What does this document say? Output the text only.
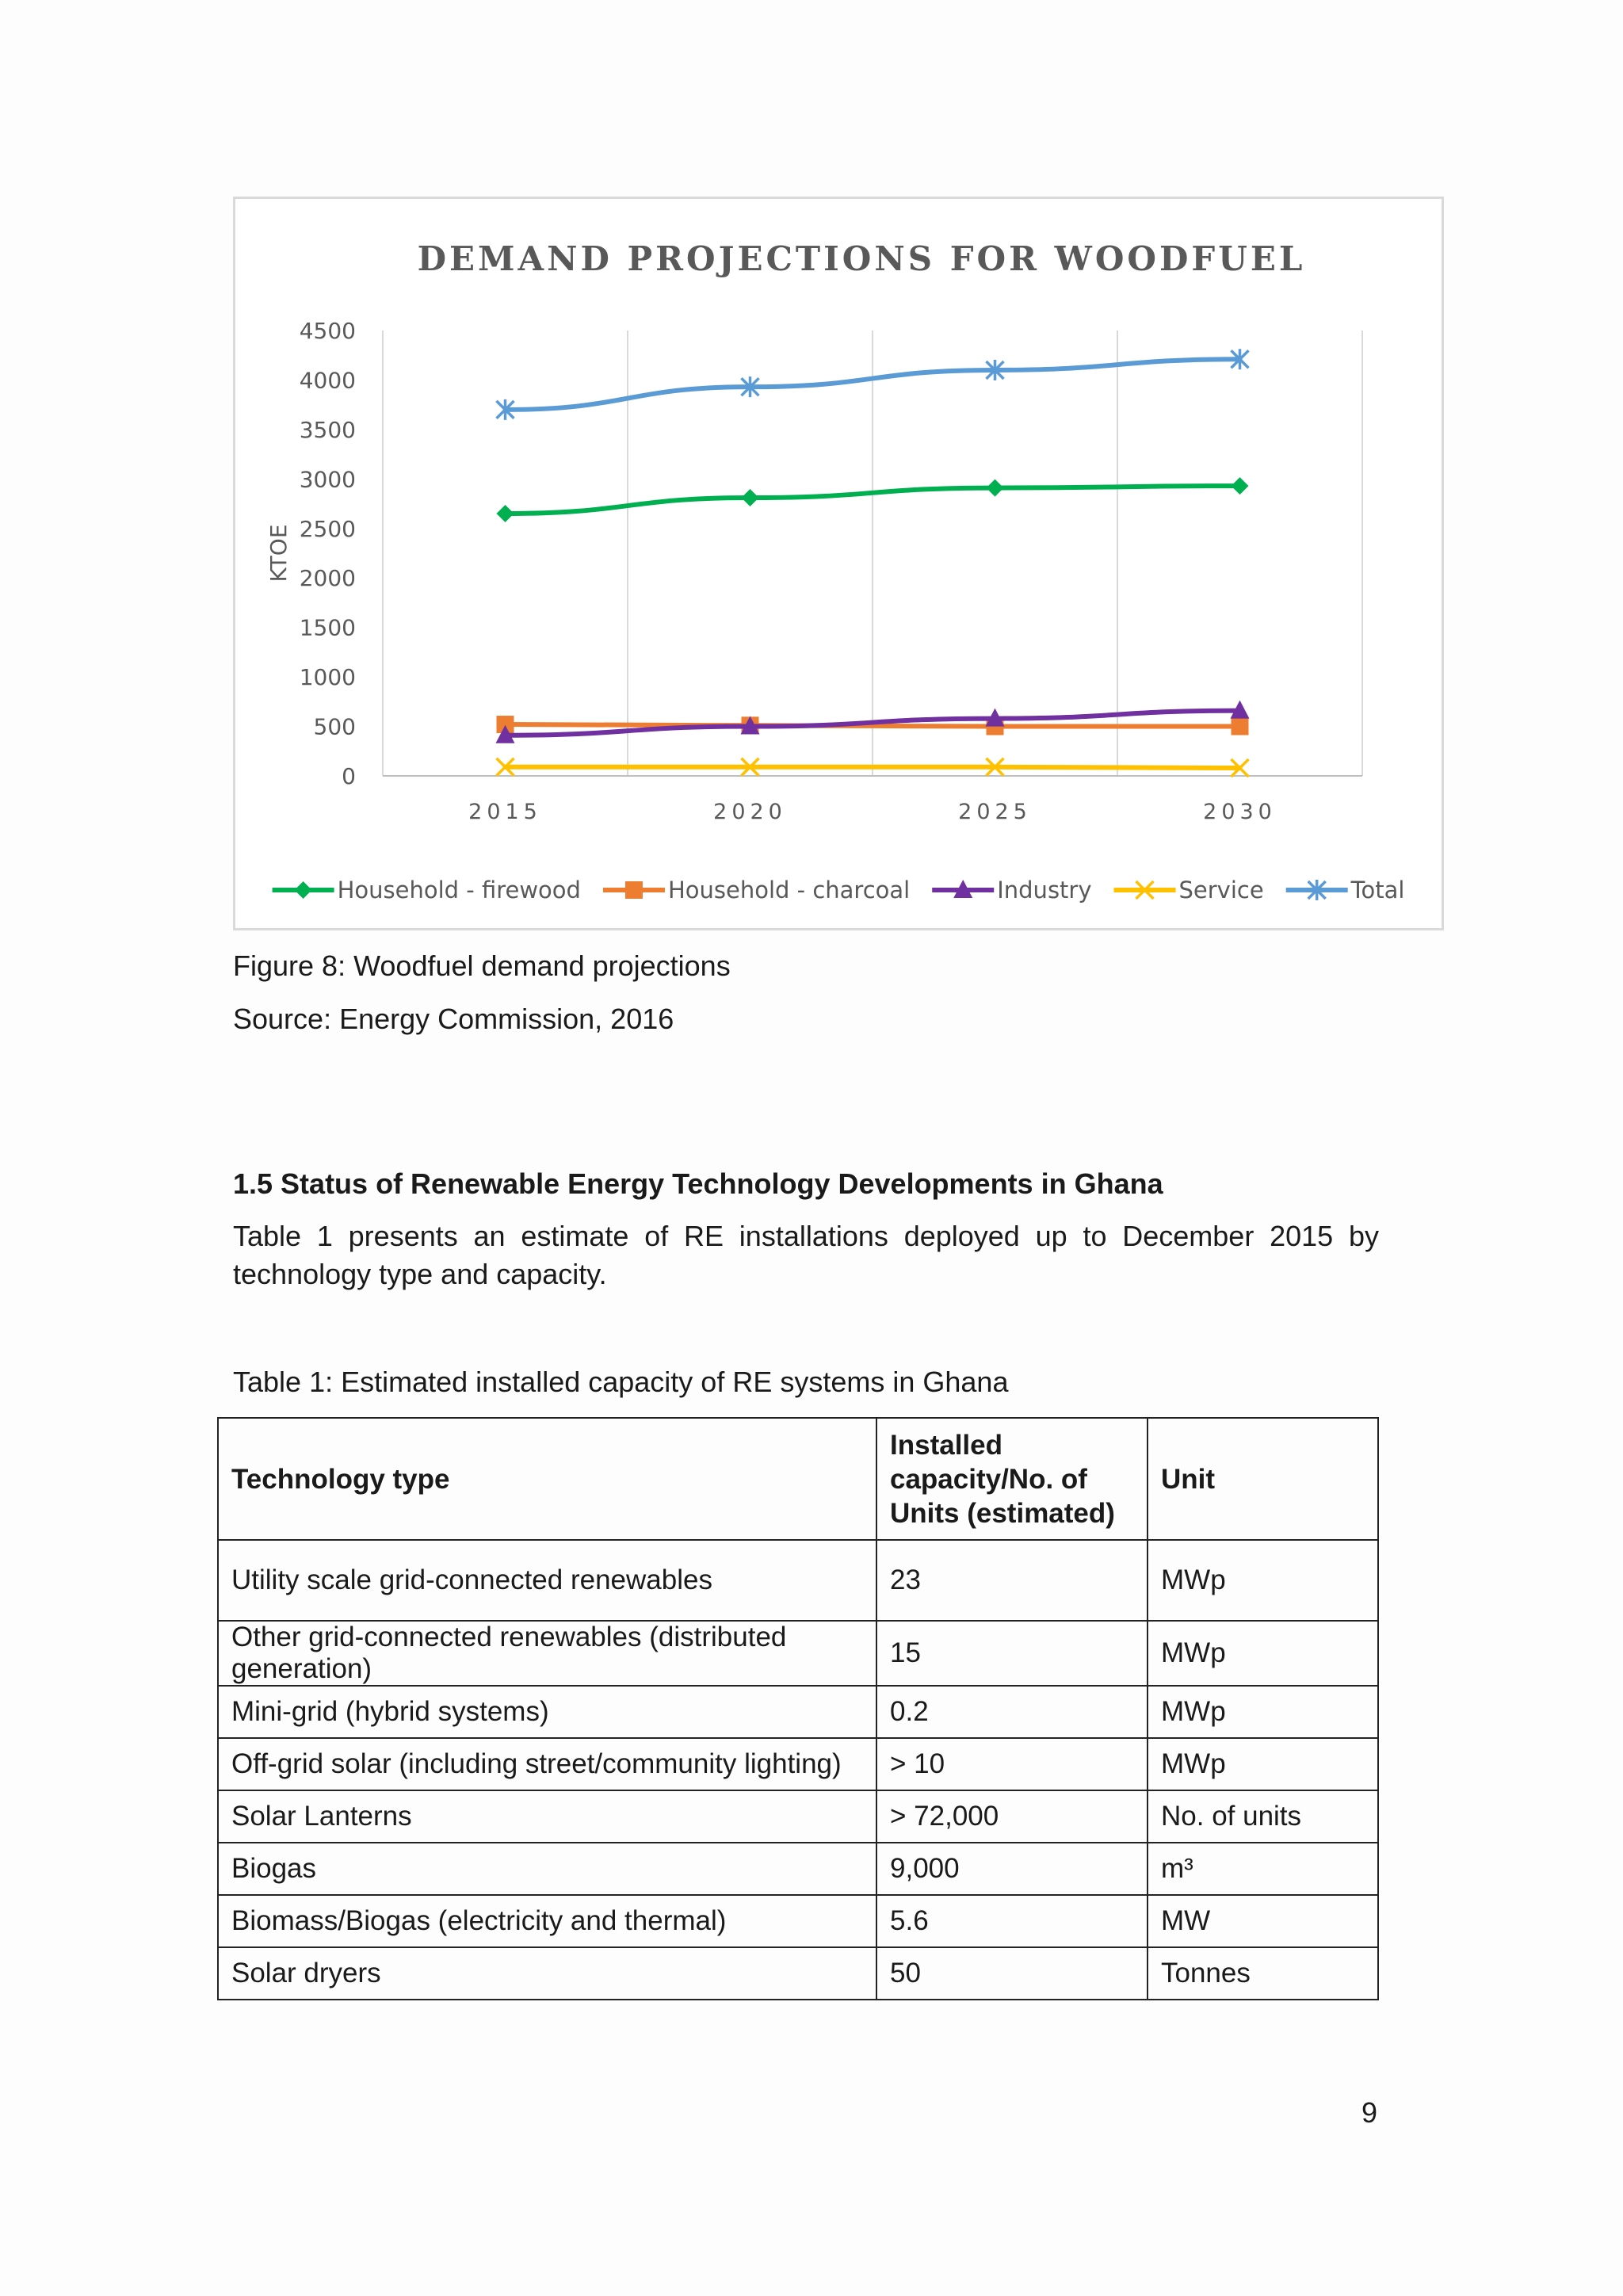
DEMAND PROJECTIONS FOR WOODFUEL
0
500
1000
1500
2000
2500
3000
3500
4000
4500
KTOE
2015	2020	2025	2030
Household - firewood	Household - charcoal	Industry	Service	Total
Figure 8: Woodfuel demand projections
Source: Energy Commission, 2016
1.5 Status of Renewable Energy Technology Developments in Ghana
Table 1 presents an estimate of RE installations deployed up to December 2015 by technology type and capacity.
Table 1: Estimated installed capacity of RE systems in Ghana
Technology type	Installed capacity/No. of Units (estimated)	Unit
Utility scale grid-connected renewables	23	MWp
Other grid-connected renewables (distributed generation)	15	MWp
Mini-grid (hybrid systems)	0.2	MWp
Off-grid solar (including street/community lighting)	> 10	MWp
Solar Lanterns	> 72,000	No. of units
Biogas	9,000	m³
Biomass/Biogas (electricity and thermal)	5.6	MW
Solar dryers	50	Tonnes
9
